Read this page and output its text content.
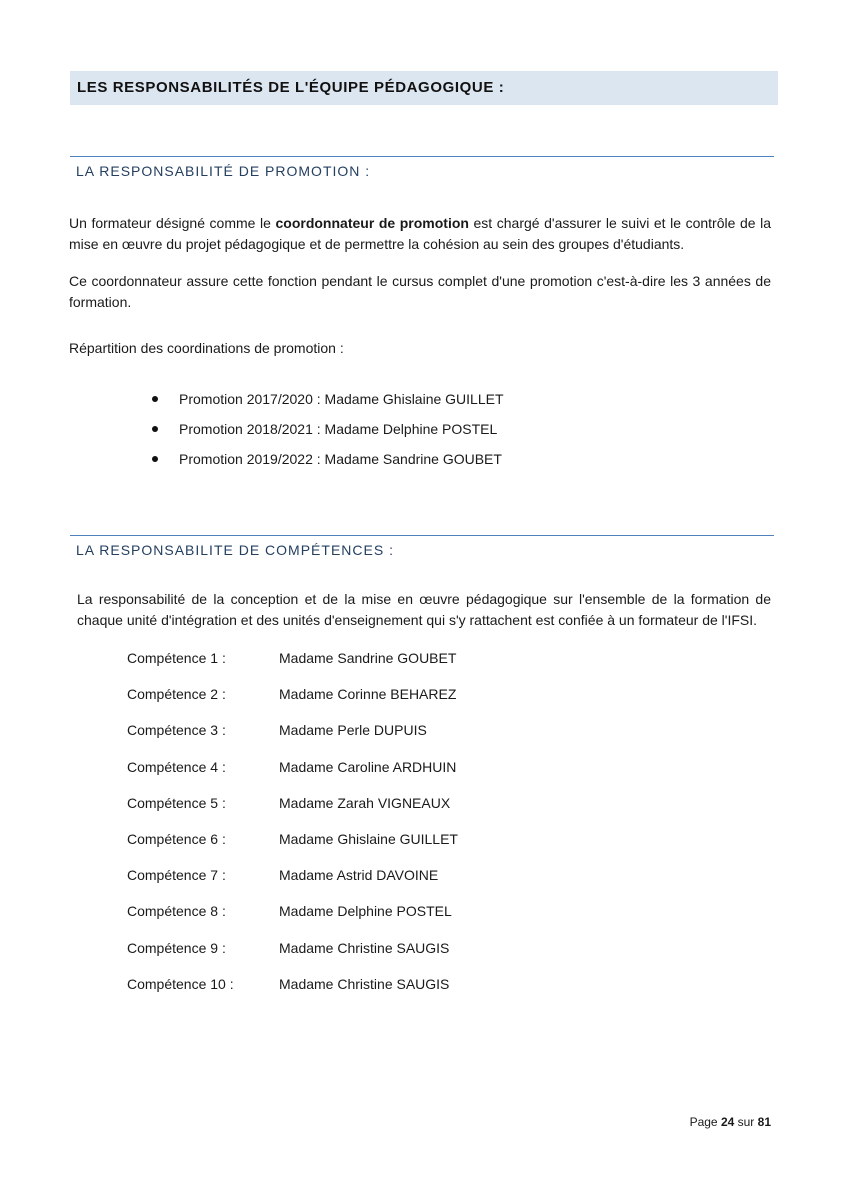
LES RESPONSABILITÉS DE L'ÉQUIPE PÉDAGOGIQUE :
LA RESPONSABILITÉ DE PROMOTION :

Un formateur désigné comme le coordonnateur de promotion est chargé d'assurer le suivi et le contrôle de la mise en œuvre du projet pédagogique et de permettre la cohésion au sein des groupes d'étudiants.

Ce coordonnateur assure cette fonction pendant le cursus complet d'une promotion c'est-à-dire les 3 années de formation.

Répartition des coordinations de promotion :

Promotion 2017/2020 : Madame Ghislaine GUILLET
Promotion 2018/2021 : Madame Delphine POSTEL
Promotion 2019/2022 : Madame Sandrine GOUBET
LA RESPONSABILITE DE COMPÉTENCES :

La responsabilité de la conception et de la mise en œuvre pédagogique sur l'ensemble de la formation de chaque unité d'intégration et des unités d'enseignement qui s'y rattachent est confiée à un formateur de l'IFSI.

Compétence 1 :	Madame Sandrine GOUBET
Compétence 2 :	Madame Corinne BEHAREZ
Compétence 3 :	Madame Perle DUPUIS
Compétence 4 :	Madame Caroline ARDHUIN
Compétence 5 :	Madame Zarah VIGNEAUX
Compétence 6 :	Madame Ghislaine GUILLET
Compétence 7 :	Madame Astrid DAVOINE
Compétence 8 :	Madame Delphine POSTEL
Compétence 9 :	Madame Christine SAUGIS
Compétence 10 :	Madame Christine SAUGIS
Page 24 sur 81
